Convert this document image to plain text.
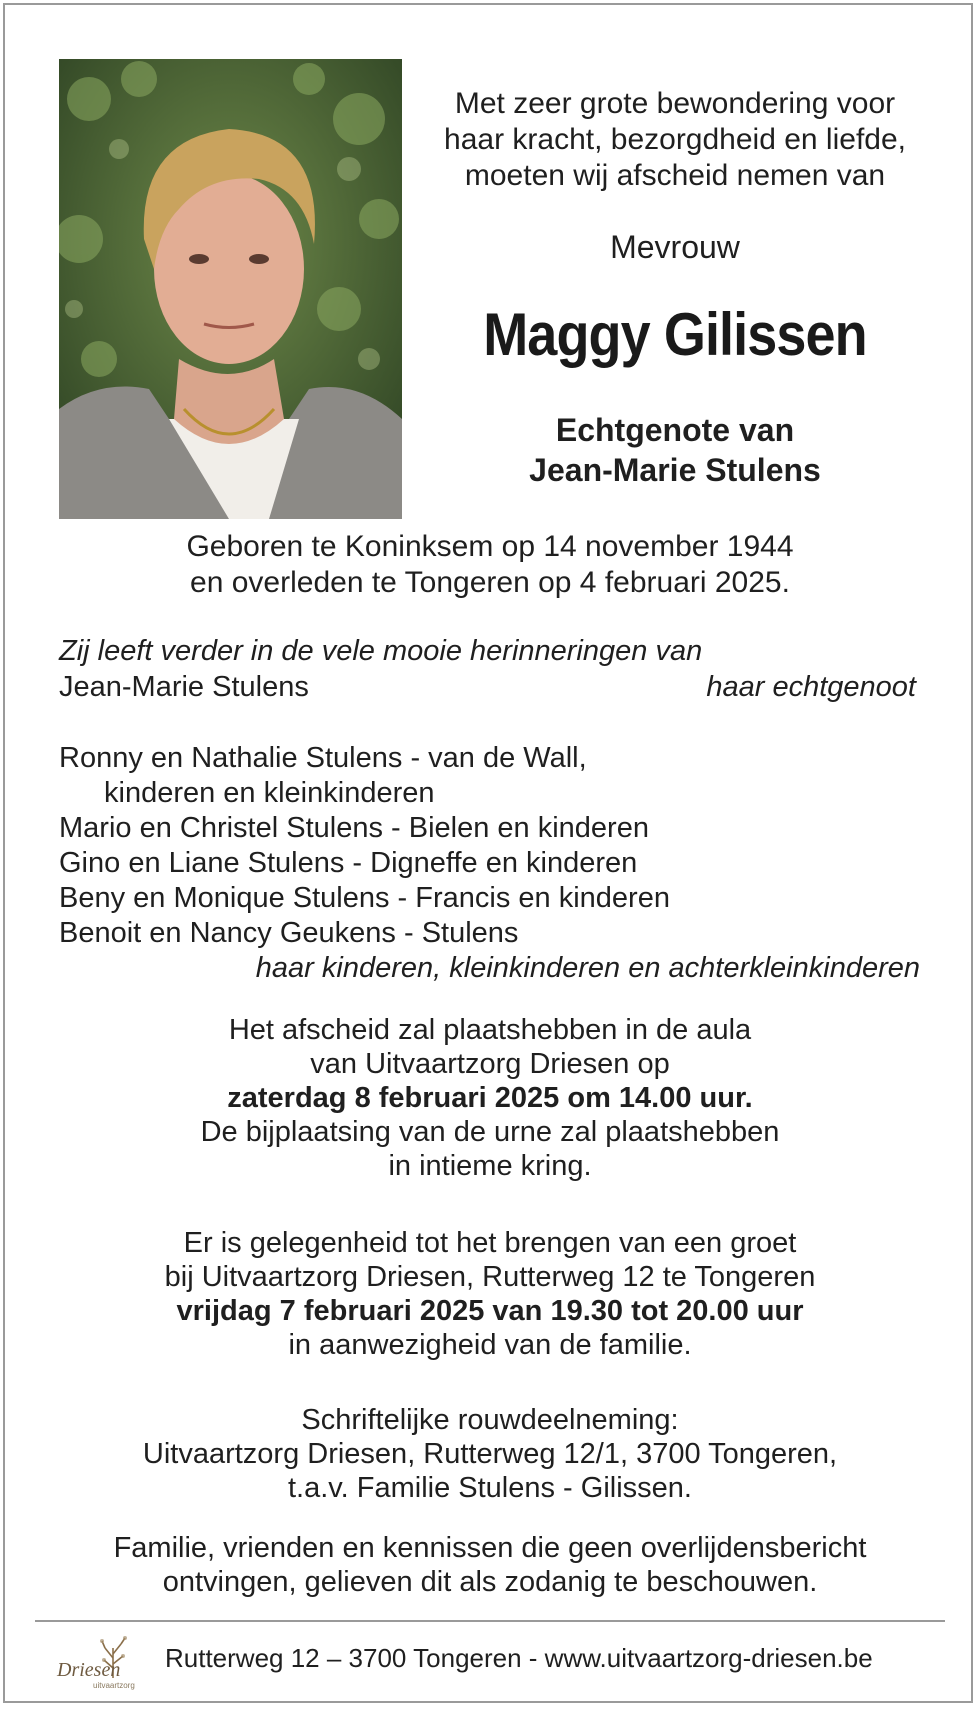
Met zeer grote bewondering voor
haar kracht, bezorgdheid en liefde,
moeten wij afscheid nemen van
Mevrouw
Maggy Gilissen
Echtgenote van
Jean-Marie Stulens
Geboren te Koninksem op 14 november 1944
en overleden te Tongeren op 4 februari 2025.
Zij leeft verder in de vele mooie herinneringen van
Jean-Marie Stulens	haar echtgenoot
Ronny en Nathalie Stulens - van de Wall,
kinderen en kleinkinderen
Mario en Christel Stulens - Bielen en kinderen
Gino en Liane Stulens - Digneffe en kinderen
Beny en Monique Stulens - Francis en kinderen
Benoit en Nancy Geukens - Stulens
haar kinderen, kleinkinderen en achterkleinkinderen
Het afscheid zal plaatshebben in de aula
van Uitvaartzorg Driesen op
zaterdag 8 februari 2025 om 14.00 uur.
De bijplaatsing van de urne zal plaatshebben
in intieme kring.
Er is gelegenheid tot het brengen van een groet
bij Uitvaartzorg Driesen, Rutterweg 12 te Tongeren
vrijdag 7 februari 2025 van 19.30 tot 20.00 uur
in aanwezigheid van de familie.
Schriftelijke rouwdeelneming:
Uitvaartzorg Driesen, Rutterweg 12/1, 3700 Tongeren,
t.a.v. Familie Stulens - Gilissen.
Familie, vrienden en kennissen die geen overlijdensbericht
ontvingen, gelieven dit als zodanig te beschouwen.
Driesen
uitvaartzorg
Rutterweg 12 – 3700 Tongeren - www.uitvaartzorg-driesen.be
